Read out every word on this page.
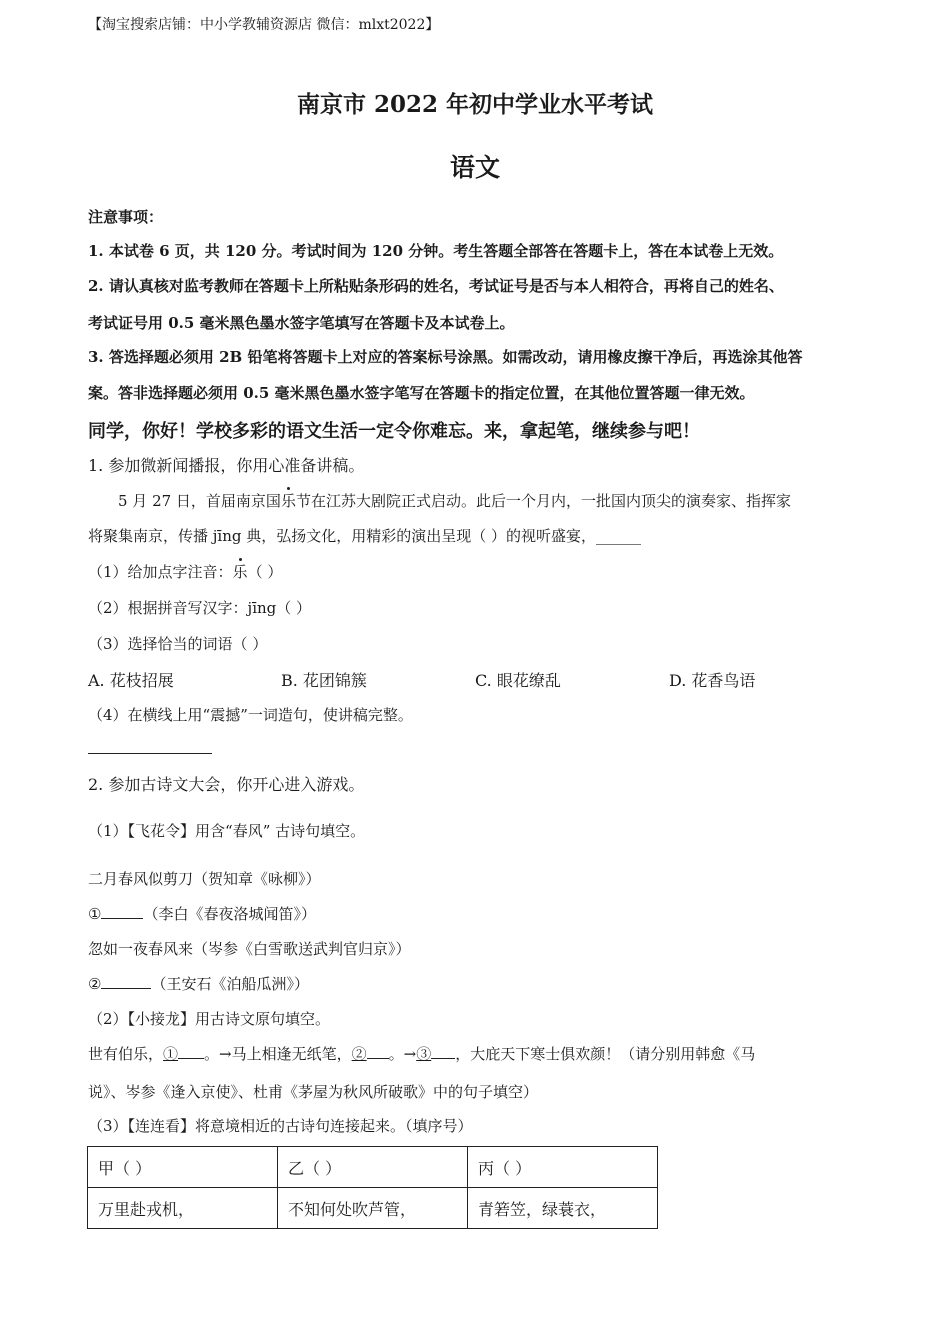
【淘宝搜索店铺：中小学教辅资源店 微信：mlxt2022】
南京市 2022 年初中学业水平考试
语文
注意事项：
1. 本试卷 6 页，共 120 分。考试时间为 120 分钟。考生答题全部答在答题卡上，答在本试卷上无效。
2. 请认真核对监考教师在答题卡上所粘贴条形码的姓名，考试证号是否与本人相符合，再将自己的姓名、
考试证号用 0.5 毫米黑色墨水签字笔填写在答题卡及本试卷上。
3. 答选择题必须用 2B 铅笔将答题卡上对应的答案标号涂黑。如需改动，请用橡皮擦干净后，再选涂其他答
案。答非选择题必须用 0.5 毫米黑色墨水签字笔写在答题卡的指定位置，在其他位置答题一律无效。
同学，你好！学校多彩的语文生活一定令你难忘。来，拿起笔，继续参与吧！
1. 参加微新闻播报，你用心准备讲稿。
5 月 27 日，首届南京国乐节在江苏大剧院正式启动。此后一个月内，一批国内顶尖的演奏家、指挥家
将聚集南京，传播 jīng 典，弘扬文化，用精彩的演出呈现（ ）的视听盛宴，______
（1）给加点字注音：乐（ ）
（2）根据拼音写汉字：jīng（ ）
（3）选择恰当的词语（ ）
A. 花枝招展	B. 花团锦簇	C. 眼花缭乱	D. 花香鸟语
（4）在横线上用“震撼”一词造句，使讲稿完整。
2. 参加古诗文大会，你开心进入游戏。
（1）【飞花令】用含“春风” 古诗句填空。
二月春风似剪刀（贺知章《咏柳》）
①	（李白《春夜洛城闻笛》）
忽如一夜春风来（岑参《白雪歌送武判官归京》）
②	（王安石《泊船瓜洲》）
（2）【小接龙】用古诗文原句填空。
世有伯乐，① 。→马上相逢无纸笔，② 。→③ ，大庇天下寒士俱欢颜！（请分别用韩愈《马
说》、岑参《逢入京使》、杜甫《茅屋为秋风所破歌》中的句子填空）
（3）【连连看】将意境相近的古诗句连接起来。（填序号）
甲（ ）	乙（ ）	丙（ ）
万里赴戎机，	不知何处吹芦管，	青箬笠，绿蓑衣，
